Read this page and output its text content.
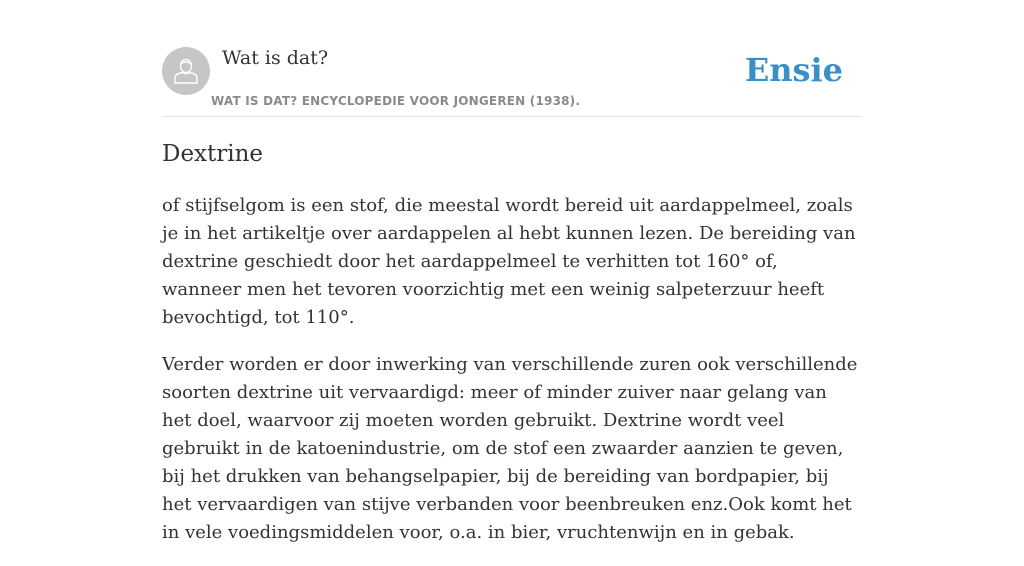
Wat is dat?
WAT IS DAT? ENCYCLOPEDIE VOOR JONGEREN (1938).
Ensie
Dextrine

of stijfselgom is een stof, die meestal wordt bereid uit aardappelmeel, zoals je in het artikeltje over aardappelen al hebt kunnen lezen. De bereiding van dextrine geschiedt door het aardappelmeel te verhitten tot 160° of, wanneer men het tevoren voorzichtig met een weinig salpeterzuur heeft bevochtigd, tot 110°.

Verder worden er door inwerking van verschillende zuren ook verschillende soorten dextrine uit vervaardigd: meer of minder zuiver naar gelang van het doel, waarvoor zij moeten worden gebruikt. Dextrine wordt veel gebruikt in de katoenindustrie, om de stof een zwaarder aanzien te geven, bij het drukken van behangselpapier, bij de bereiding van bordpapier, bij het vervaardigen van stijve verbanden voor beenbreuken enz.Ook komt het in vele voedingsmiddelen voor, o.a. in bier, vruchtenwijn en in gebak.
